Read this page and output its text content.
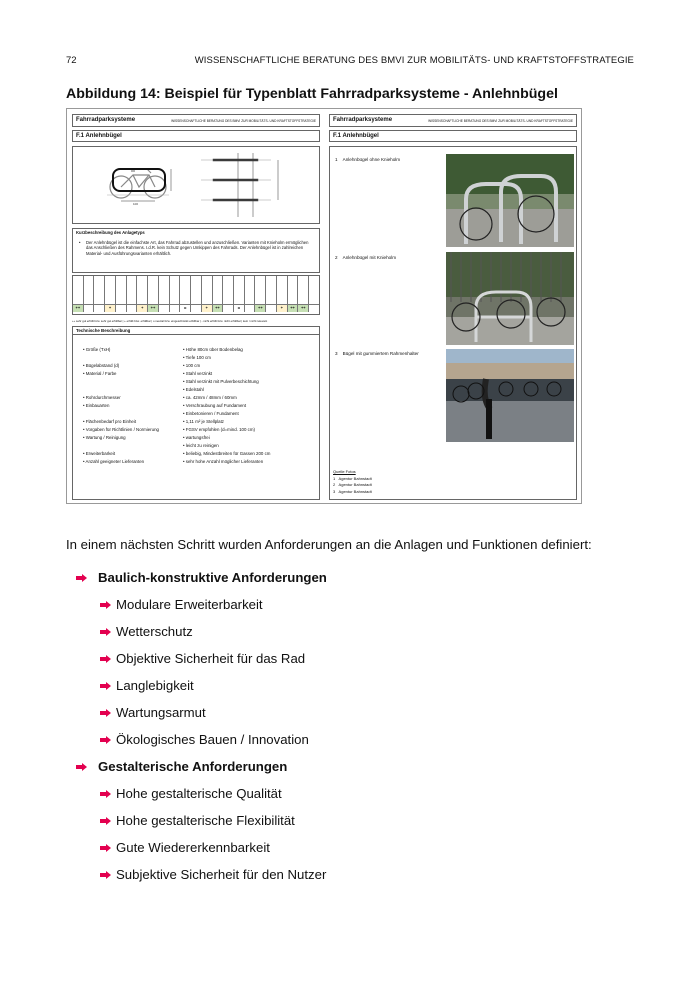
72	WISSENSCHAFTLICHE BERATUNG DES BMVI ZUR MOBILITÄTS- UND KRAFTSTOFFSTRATEGIE
Abbildung 14: Beispiel für Typenblatt Fahrradparksysteme - Anlehnbügel
Fahrradparksysteme	WISSENSCHAFTLICHE BERATUNG DES BMVI ZUR MOBILITÄTS- UND KRAFTSTOFFSTRATEGIE
F.1 Anlehnbügel
100
Kurzbeschreibung des Anlagetyps
• Der Anlehnbügel ist die einfachste Art, das Fahrrad abzustellen und anzuschließen. Varianten mit Knieholm ermöglichen das Anschließen des Rahmens. I.d.R. kein Schutz gegen Umkippen des Fahrrads. Der Anlehnbügel ist in zahlreichen Material- und Ausführungsvarianten erhältlich.
++	+	+	++	o	+	++	o	++	+	++	++
++ sehr gut erfüllt bzw. sehr gut erfüllbar | + erfüllt bzw. erfüllbar | o neutral bzw. eingeschränkt erfüllbar | - nicht erfüllt bzw. nicht erfüllbar | kein / nicht relevant
Technische Beschreibung
• Größe (TxH)	• Höhe 80cm über Bodenbelag
• Tiefe 100 cm
• Bügelabstand (d)	• 100 cm
• Material / Farbe	• Stahl verzinkt
• Stahl verzinkt mit Pulverbeschichtung
• Edelstahl
• Rohrdurchmesser	• ca. 42mm / 48mm / 60mm
• Einbauarten	• Verschraubung auf Fundament
• Einbetonieren / Fundament
• Flächenbedarf pro Einheit	• 1,11 m² je Stellplatz
• Vorgaben für Richtlinien / Normierung	• FGSV empfohlen (d=mind. 100 cm)
• Wartung / Reinigung	• wartungsfrei
• leicht zu reinigen
• Erweiterbarkeit	• beliebig, Mindestbreiten für Gassen 200 cm
• Anzahl geeigneter Lieferanten	• sehr hohe Anzahl möglicher Lieferanten
Fahrradparksysteme	WISSENSCHAFTLICHE BERATUNG DES BMVI ZUR MOBILITÄTS- UND KRAFTSTOFFSTRATEGIE
F.1 Anlehnbügel
1 Anlehnbügel ohne Knieholm
2 Anlehnbügel mit Knieholm
3 Bügel mit gummiertem Rahmenhalter
Quelle Fotos
1   Agentur Bahnstadt
2   Agentur Bahnstadt
3   Agentur Bahnstadt
In einem nächsten Schritt wurden Anforderungen an die Anlagen und Funktionen definiert:
Baulich-konstruktive Anforderungen
Modulare Erweiterbarkeit
Wetterschutz
Objektive Sicherheit für das Rad
Langlebigkeit
Wartungsarmut
Ökologisches Bauen / Innovation
Gestalterische Anforderungen
Hohe gestalterische Qualität
Hohe gestalterische Flexibilität
Gute Wiedererkennbarkeit
Subjektive Sicherheit für den Nutzer
